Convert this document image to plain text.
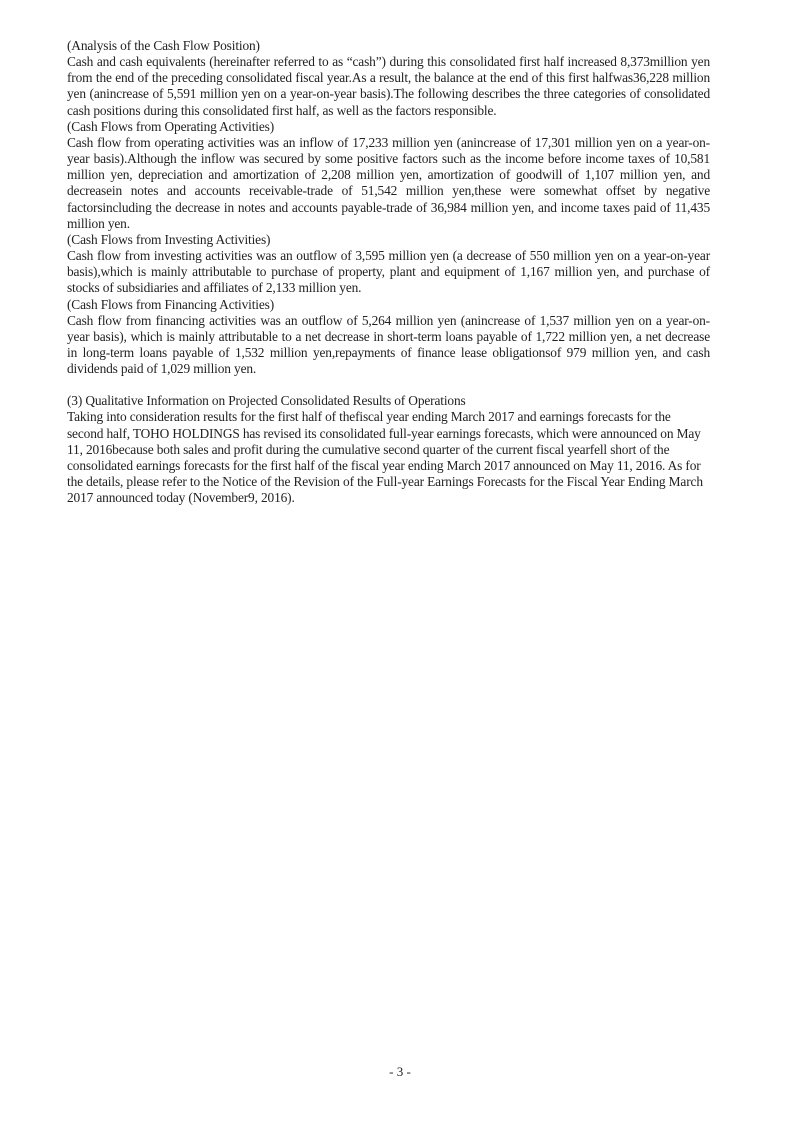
(Analysis of the Cash Flow Position)

Cash and cash equivalents (hereinafter referred to as “cash”) during this consolidated first half increased 8,373million yen from the end of the preceding consolidated fiscal year.As a result, the balance at the end of this first halfwas36,228 million yen (anincrease of 5,591 million yen on a year-on-year basis).The following describes the three categories of consolidated cash positions during this consolidated first half, as well as the factors responsible.

(Cash Flows from Operating Activities)

Cash flow from operating activities was an inflow of 17,233 million yen (anincrease of 17,301 million yen on a year-on-year basis).Although the inflow was secured by some positive factors such as the income before income taxes of 10,581 million yen, depreciation and amortization of 2,208 million yen, amortization of goodwill of 1,107 million yen, and decreasein notes and accounts receivable-trade of 51,542 million yen,these were somewhat offset by negative factorsincluding the decrease in notes and accounts payable-trade of 36,984 million yen, and income taxes paid of 11,435 million yen.

(Cash Flows from Investing Activities)

Cash flow from investing activities was an outflow of 3,595 million yen (a decrease of 550 million yen on a year-on-year basis),which is mainly attributable to purchase of property, plant and equipment of 1,167 million yen, and purchase of stocks of subsidiaries and affiliates of 2,133 million yen.

(Cash Flows from Financing Activities)

Cash flow from financing activities was an outflow of 5,264 million yen (anincrease of 1,537 million yen on a year-on-year basis), which is mainly attributable to a net decrease in short-term loans payable of 1,722 million yen, a net decrease in long-term loans payable of 1,532 million yen,repayments of finance lease obligationsof 979 million yen, and cash dividends paid of 1,029 million yen.

(3) Qualitative Information on Projected Consolidated Results of Operations

Taking into consideration results for the first half of thefiscal year ending March 2017 and earnings forecasts for the second half, TOHO HOLDINGS has revised its consolidated full-year earnings forecasts, which were announced on May 11, 2016because both sales and profit during the cumulative second quarter of the current fiscal yearfell short of the consolidated earnings forecasts for the first half of the fiscal year ending March 2017 announced on May 11, 2016. As for the details, please refer to the Notice of the Revision of the Full-year Earnings Forecasts for the Fiscal Year Ending March 2017 announced today (November9, 2016).

- 3 -
